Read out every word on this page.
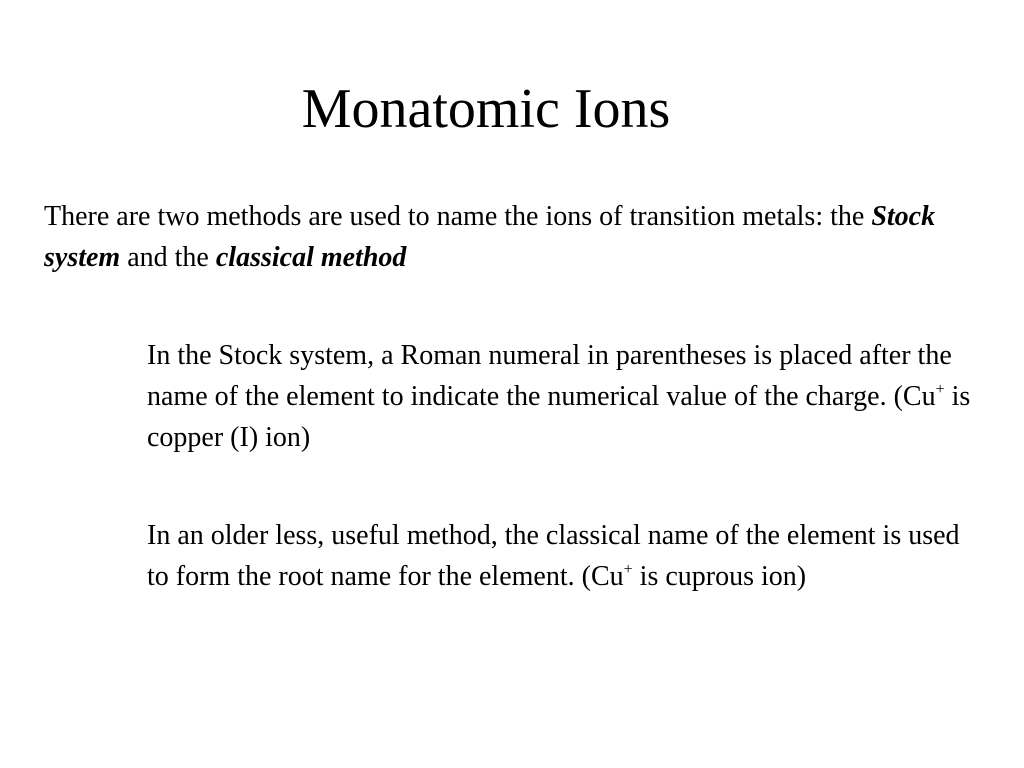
Monatomic Ions

There are two methods are used to name the ions of transition metals: the Stock system and the classical method

In the Stock system, a Roman numeral in parentheses is placed after the name of the element to indicate the numerical value of the charge. (Cu+ is copper (I) ion)

In an older less, useful method, the classical name of the element is used to form the root name for the element. (Cu+ is cuprous ion)
